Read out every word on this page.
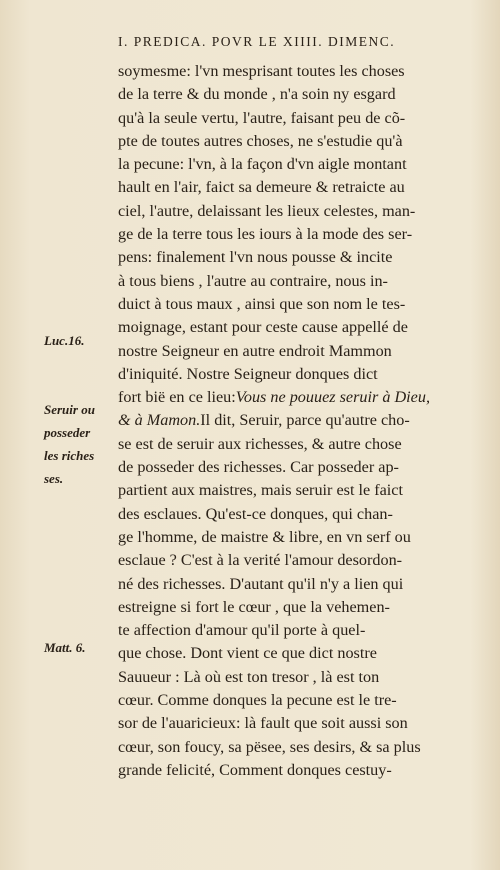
I. PREDICA. POVR LE XIIII. DIMENC.
soymesme: l'vn mesprisant toutes les choses
de la terre & du monde , n'a soin ny esgard
qu'à la seule vertu, l'autre, faisant peu de cõ-
pte de toutes autres choses, ne s'estudie qu'à
la pecune: l'vn, à la façon d'vn aigle montant
hault en l'air, faict sa demeure & retraicte au
ciel, l'autre, delaissant les lieux celestes, man-
ge de la terre tous les iours à la mode des ser-
pens: finalement l'vn nous pousse & incite
à tous biens , l'autre au contraire, nous in-
duict à tous maux , ainsi que son nom le tes-
moignage, estant pour ceste cause appellé de
nostre Seigneur en autre endroit Mammon
d'iniquité. Nostre Seigneur donques dict
fort bië en ce lieu:Vous ne pouuez seruir à Dieu,
& à Mamon.Il dit, Seruir, parce qu'autre cho-
se est de seruir aux richesses, & autre chose
de posseder des richesses. Car posseder ap-
partient aux maistres, mais seruir est le faict
des esclaues. Qu'est-ce donques, qui chan-
ge l'homme, de maistre & libre, en vn serf ou
esclaue ? C'est à la verité l'amour desordon-
né des richesses. D'autant qu'il n'y a lien qui
estreigne si fort le cœur , que la vehemen-
te affection d'amour qu'il porte à quel-
que chose. Dont vient ce que dict nostre
Sauueur : Là où est ton tresor , là est ton
cœur. Comme donques la pecune est le tre-
sor de l'auaricieux: là fault que soit aussi son
cœur, son foucy, sa pësee, ses desirs, & sa plus
grande felicité, Comment donques cestuy-
Luc.16.
Seruir ou
posseder
les riches
ses.
Matt. 6.
